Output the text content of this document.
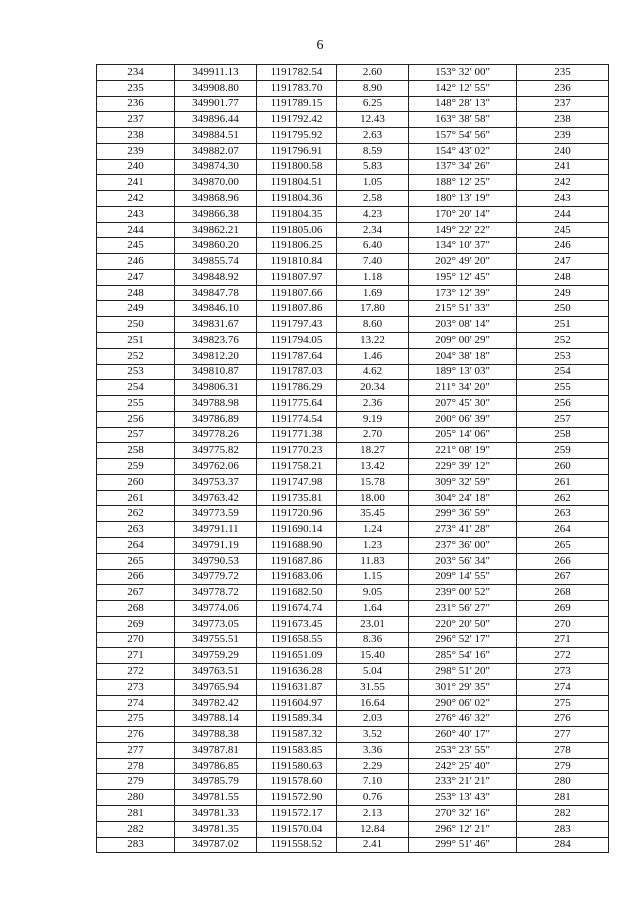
6
234	349911.13	1191782.54	2.60	153° 32' 00"	235
235	349908.80	1191783.70	8.90	142° 12' 55"	236
236	349901.77	1191789.15	6.25	148° 28' 13"	237
237	349896.44	1191792.42	12.43	163° 38' 58"	238
238	349884.51	1191795.92	2.63	157° 54' 56"	239
239	349882.07	1191796.91	8.59	154° 43' 02"	240
240	349874.30	1191800.58	5.83	137° 34' 26"	241
241	349870.00	1191804.51	1.05	188° 12' 25"	242
242	349868.96	1191804.36	2.58	180° 13' 19"	243
243	349866.38	1191804.35	4.23	170° 20' 14"	244
244	349862.21	1191805.06	2.34	149° 22' 22"	245
245	349860.20	1191806.25	6.40	134° 10' 37"	246
246	349855.74	1191810.84	7.40	202° 49' 20"	247
247	349848.92	1191807.97	1.18	195° 12' 45"	248
248	349847.78	1191807.66	1.69	173° 12' 39"	249
249	349846.10	1191807.86	17.80	215° 51' 33"	250
250	349831.67	1191797.43	8.60	203° 08' 14"	251
251	349823.76	1191794.05	13.22	209° 00' 29"	252
252	349812.20	1191787.64	1.46	204° 38' 18"	253
253	349810.87	1191787.03	4.62	189° 13' 03"	254
254	349806.31	1191786.29	20.34	211° 34' 20"	255
255	349788.98	1191775.64	2.36	207° 45' 30"	256
256	349786.89	1191774.54	9.19	200° 06' 39"	257
257	349778.26	1191771.38	2.70	205° 14' 06"	258
258	349775.82	1191770.23	18.27	221° 08' 19"	259
259	349762.06	1191758.21	13.42	229° 39' 12"	260
260	349753.37	1191747.98	15.78	309° 32' 59"	261
261	349763.42	1191735.81	18.00	304° 24' 18"	262
262	349773.59	1191720.96	35.45	299° 36' 59"	263
263	349791.11	1191690.14	1.24	273° 41' 28"	264
264	349791.19	1191688.90	1.23	237° 36' 00"	265
265	349790.53	1191687.86	11.83	203° 56' 34"	266
266	349779.72	1191683.06	1.15	209° 14' 55"	267
267	349778.72	1191682.50	9.05	239° 00' 52"	268
268	349774.06	1191674.74	1.64	231° 56' 27"	269
269	349773.05	1191673.45	23.01	220° 20' 50"	270
270	349755.51	1191658.55	8.36	296° 52' 17"	271
271	349759.29	1191651.09	15.40	285° 54' 16"	272
272	349763.51	1191636.28	5.04	298° 51' 20"	273
273	349765.94	1191631.87	31.55	301° 29' 35"	274
274	349782.42	1191604.97	16.64	290° 06' 02"	275
275	349788.14	1191589.34	2.03	276° 46' 32"	276
276	349788.38	1191587.32	3.52	260° 40' 17"	277
277	349787.81	1191583.85	3.36	253° 23' 55"	278
278	349786.85	1191580.63	2.29	242° 25' 40"	279
279	349785.79	1191578.60	7.10	233° 21' 21"	280
280	349781.55	1191572.90	0.76	253° 13' 43"	281
281	349781.33	1191572.17	2.13	270° 32' 16"	282
282	349781.35	1191570.04	12.84	296° 12' 21"	283
283	349787.02	1191558.52	2.41	299° 51' 46"	284
